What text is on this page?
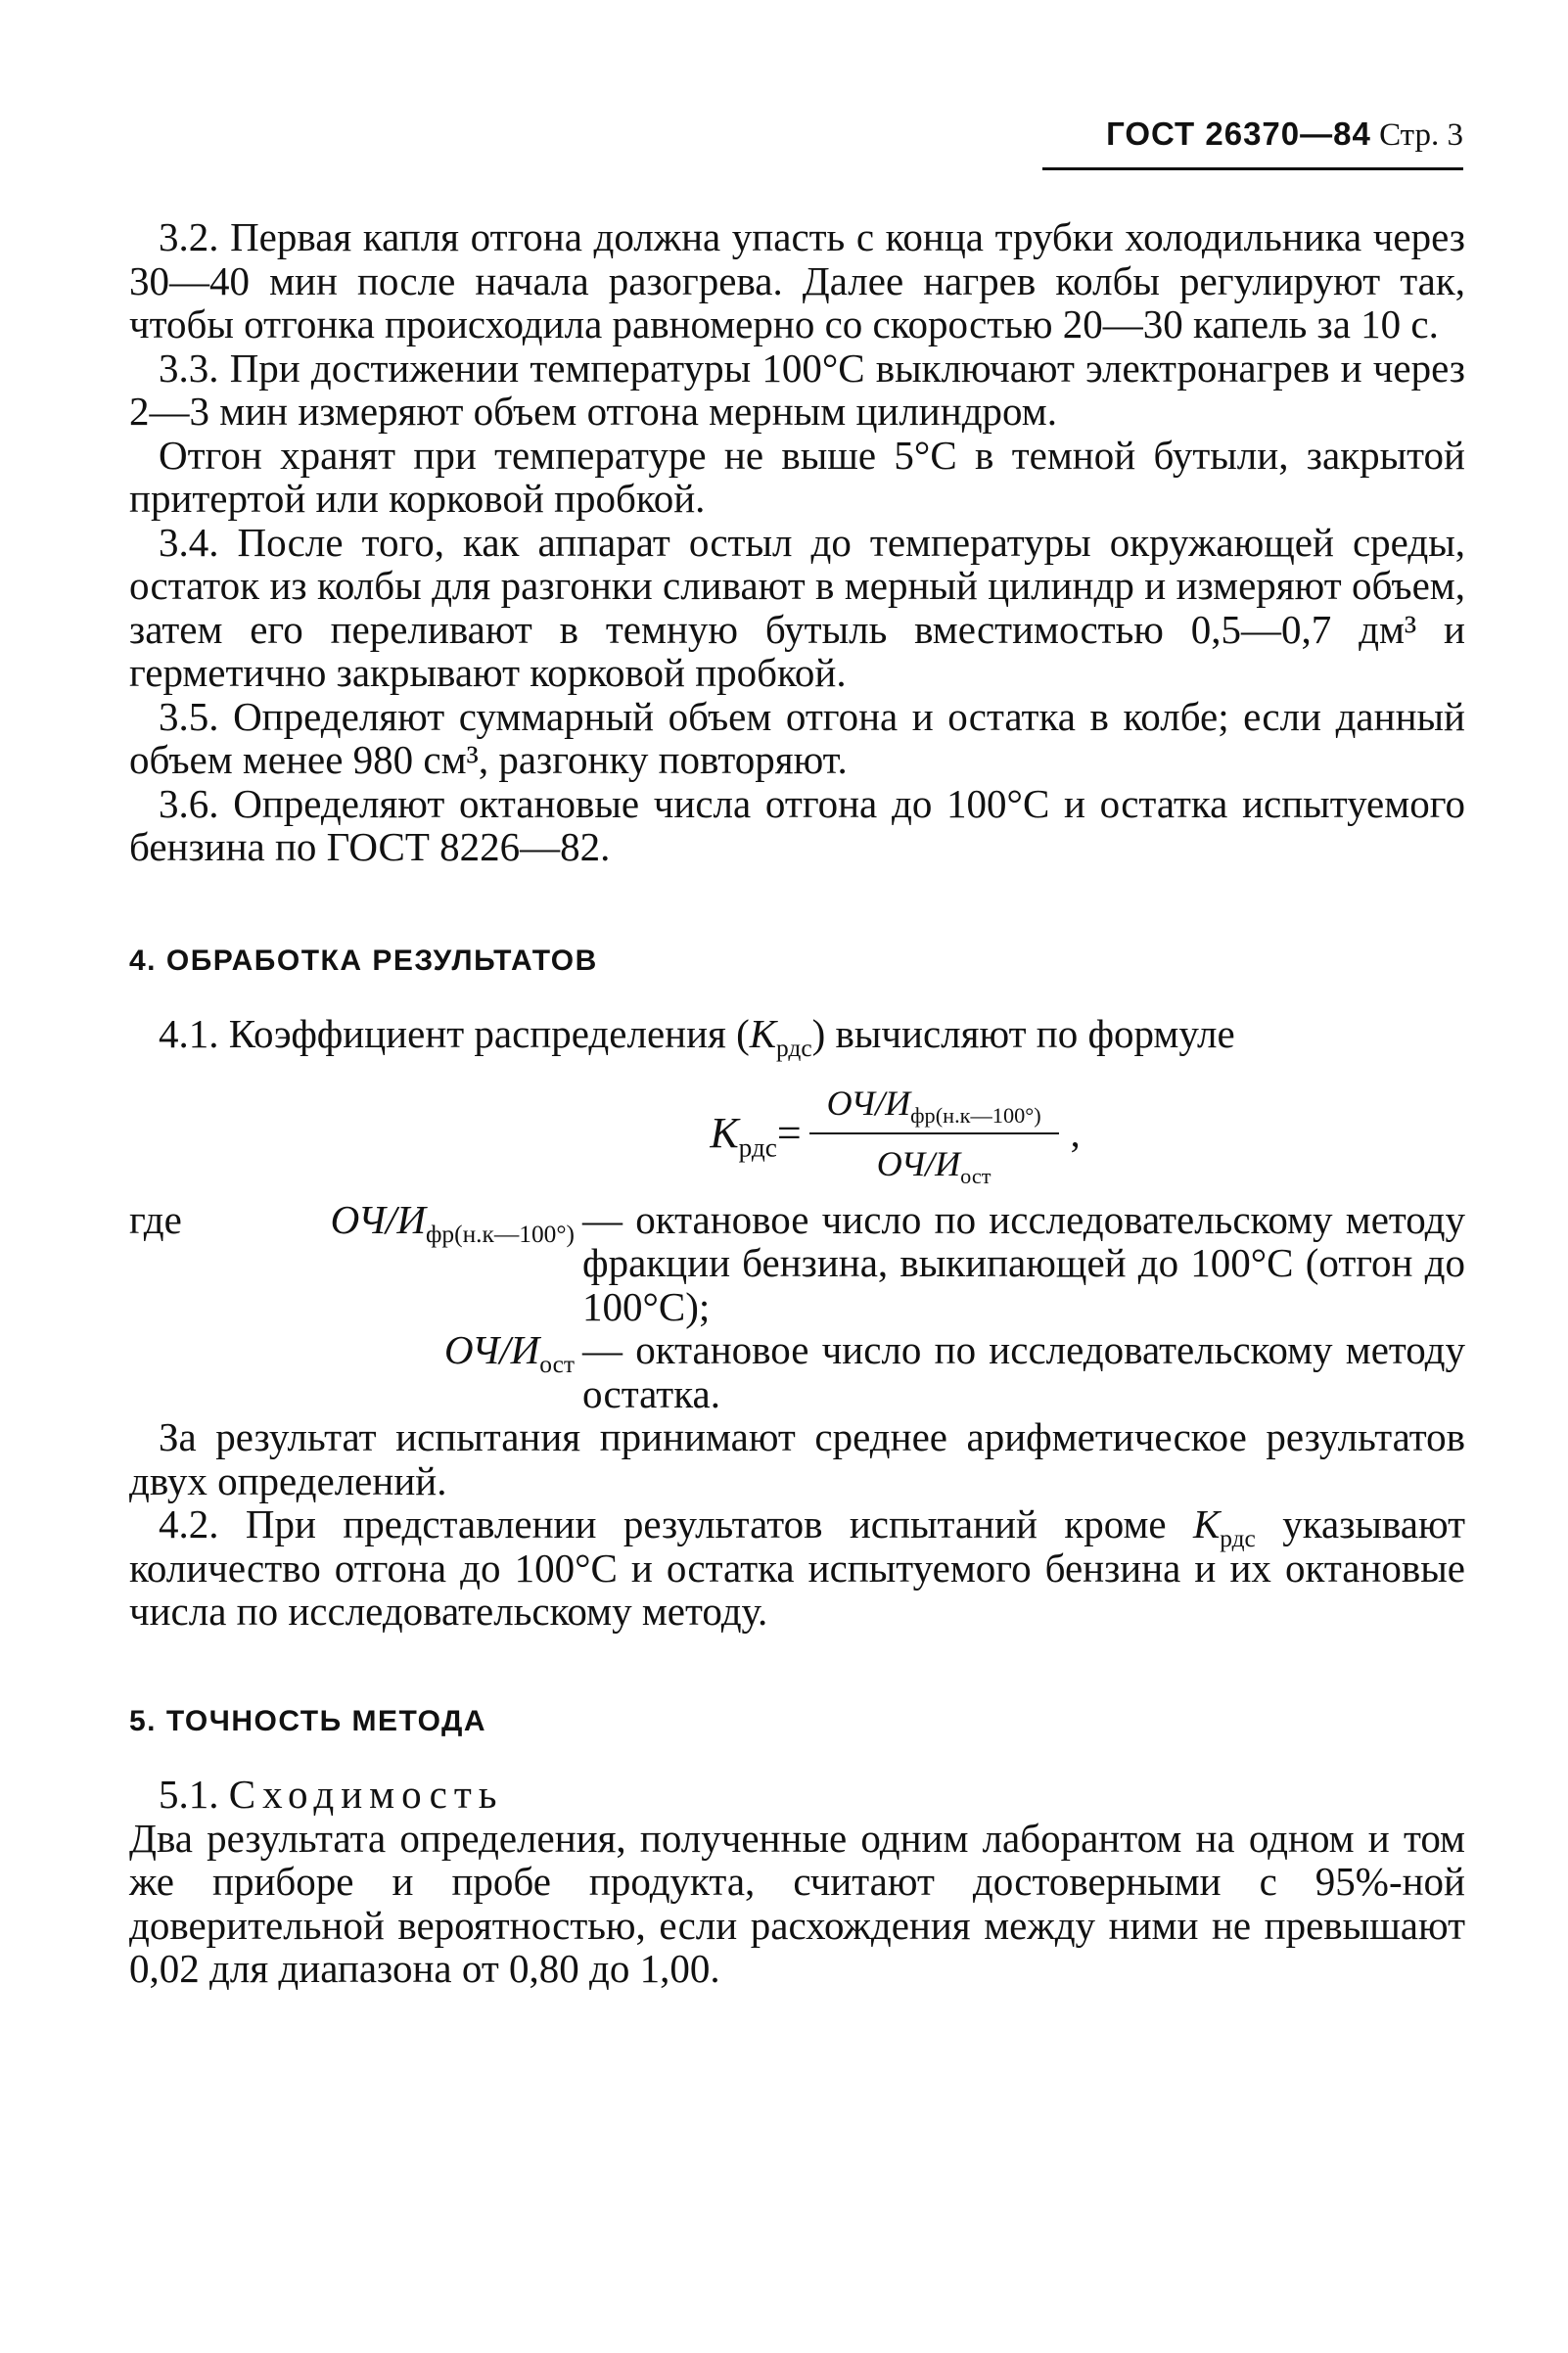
ГОСТ 26370—84 Стр. 3

3.2. Первая капля отгона должна упасть с конца трубки холодильника через 30—40 мин после начала разогрева. Далее нагрев колбы регулируют так, чтобы отгонка происходила равномерно со скоростью 20—30 капель за 10 с.

3.3. При достижении температуры 100°С выключают электронагрев и через 2—3 мин измеряют объем отгона мерным цилиндром.

Отгон хранят при температуре не выше 5°С в темной бутыли, закрытой притертой или корковой пробкой.

3.4. После того, как аппарат остыл до температуры окружающей среды, остаток из колбы для разгонки сливают в мерный цилиндр и измеряют объем, затем его переливают в темную бутыль вместимостью 0,5—0,7 дм³ и герметично закрывают корковой пробкой.

3.5. Определяют суммарный объем отгона и остатка в колбе; если данный объем менее 980 см³, разгонку повторяют.

3.6. Определяют октановые числа отгона до 100°С и остатка испытуемого бензина по ГОСТ 8226—82.

4. ОБРАБОТКА РЕЗУЛЬТАТОВ

4.1. Коэффициент распределения $(К_{рдс})$ вычисляют по формуле

$К_{рдс}= \frac{ОЧ/И_{фр(н.к—100^\circ)}}{ОЧ/И_{ост}}$ ,
где	$ОЧ/И_{фр(н.к—100^\circ)}$ — октановое число по исследовательскому методу фракции бензина, выкипающей до 100°С (отгон до 100°С);
$ОЧ/И_{ост}$ — октановое число по исследовательскому методу остатка.

За результат испытания принимают среднее арифметическое результатов двух определений.

4.2. При представлении результатов испытаний кроме $К_{рдс}$ указывают количество отгона до 100°С и остатка испытуемого бензина и их октановые числа по исследовательскому методу.

5. ТОЧНОСТЬ МЕТОДА

5.1. Сходимость

Два результата определения, полученные одним лаборантом на одном и том же приборе и пробе продукта, считают достоверными с 95%-ной доверительной вероятностью, если расхождения между ними не превышают 0,02 для диапазона от 0,80 до 1,00.
